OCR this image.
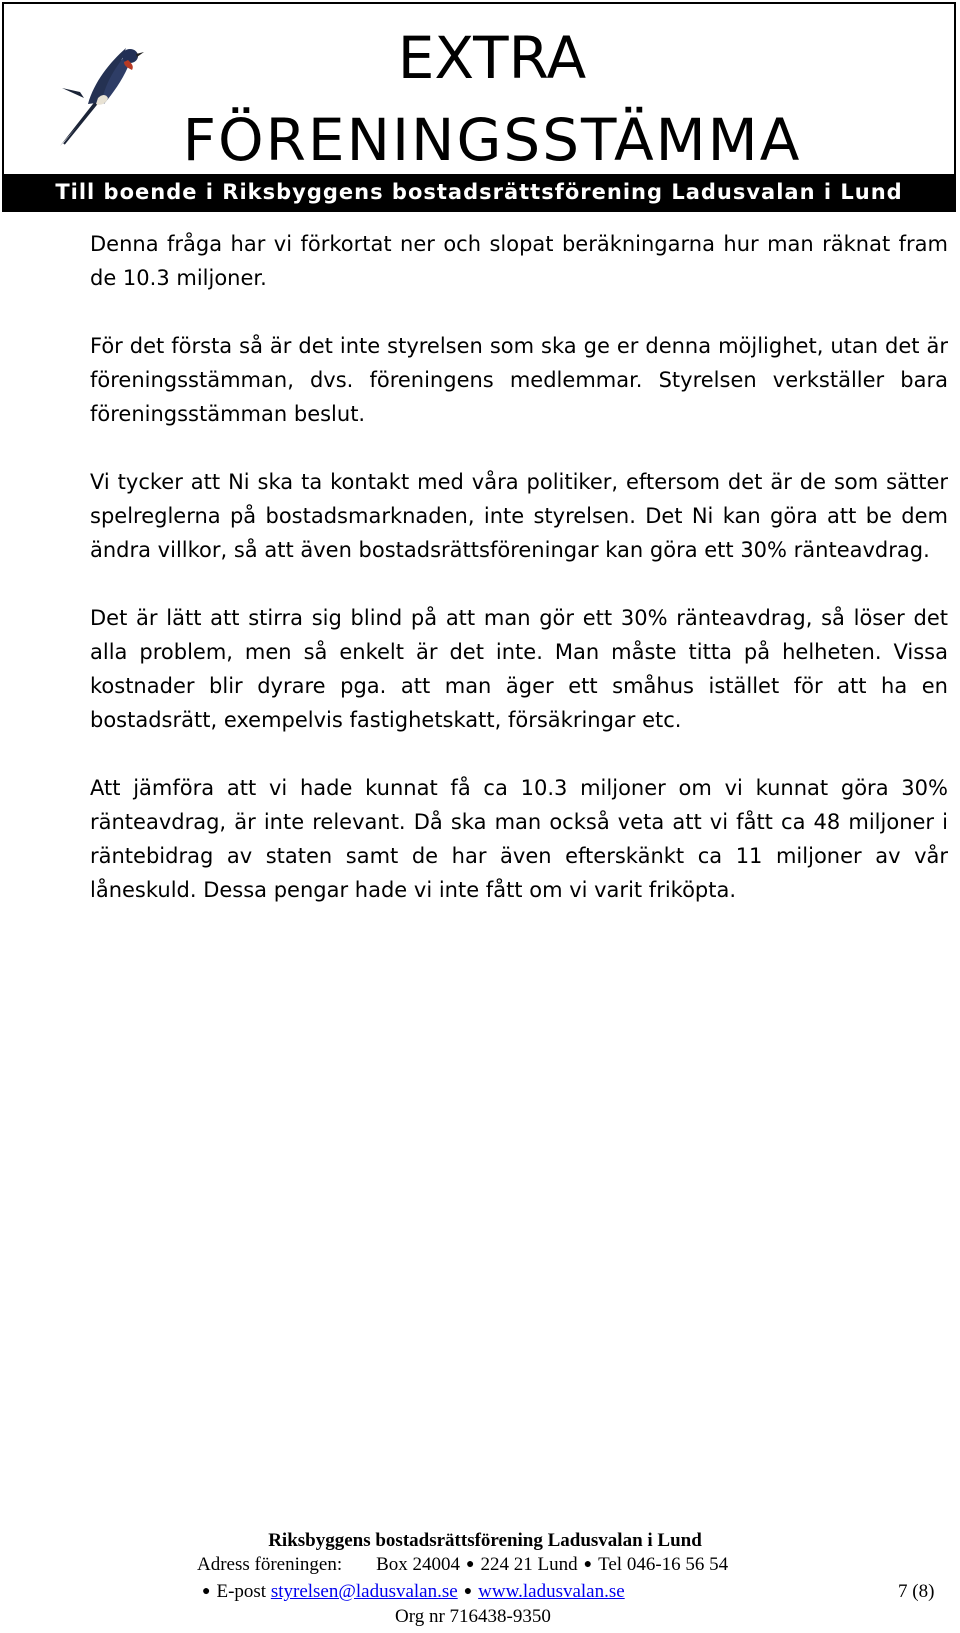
EXTRA
FÖRENINGSSTÄMMA
Till boende i Riksbyggens bostadsrättsförening Ladusvalan i Lund

Denna fråga har vi förkortat ner och slopat beräkningarna hur man räknat fram de 10.3 miljoner.

För det första så är det inte styrelsen som ska ge er denna möjlighet, utan det är föreningsstämman, dvs. föreningens medlemmar. Styrelsen verkställer bara föreningsstämman beslut.

Vi tycker att Ni ska ta kontakt med våra politiker, eftersom det är de som sätter spelreglerna på bostadsmarknaden, inte styrelsen. Det Ni kan göra att be dem ändra villkor, så att även bostadsrättsföreningar kan göra ett 30% ränteavdrag.

Det är lätt att stirra sig blind på att man gör ett 30% ränteavdrag, så löser det alla problem, men så enkelt är det inte. Man måste titta på helheten. Vissa kostnader blir dyrare pga. att man äger ett småhus istället för att ha en bostadsrätt, exempelvis fastighetskatt, försäkringar etc.

Att jämföra att vi hade kunnat få ca 10.3 miljoner om vi kunnat göra 30% ränteavdrag, är inte relevant. Då ska man också veta att vi fått ca 48 miljoner i räntebidrag av staten samt de har även efterskänkt ca 11 miljoner av vår låneskuld. Dessa pengar hade vi inte fått om vi varit friköpta.

Riksbyggens bostadsrättsförening Ladusvalan i Lund
Adress föreningen: Box 24004 ● 224 21 Lund ● Tel 046-16 56 54
● E-post styrelsen@ladusvalan.se ● www.ladusvalan.se	7 (8)
Org nr 716438-9350
